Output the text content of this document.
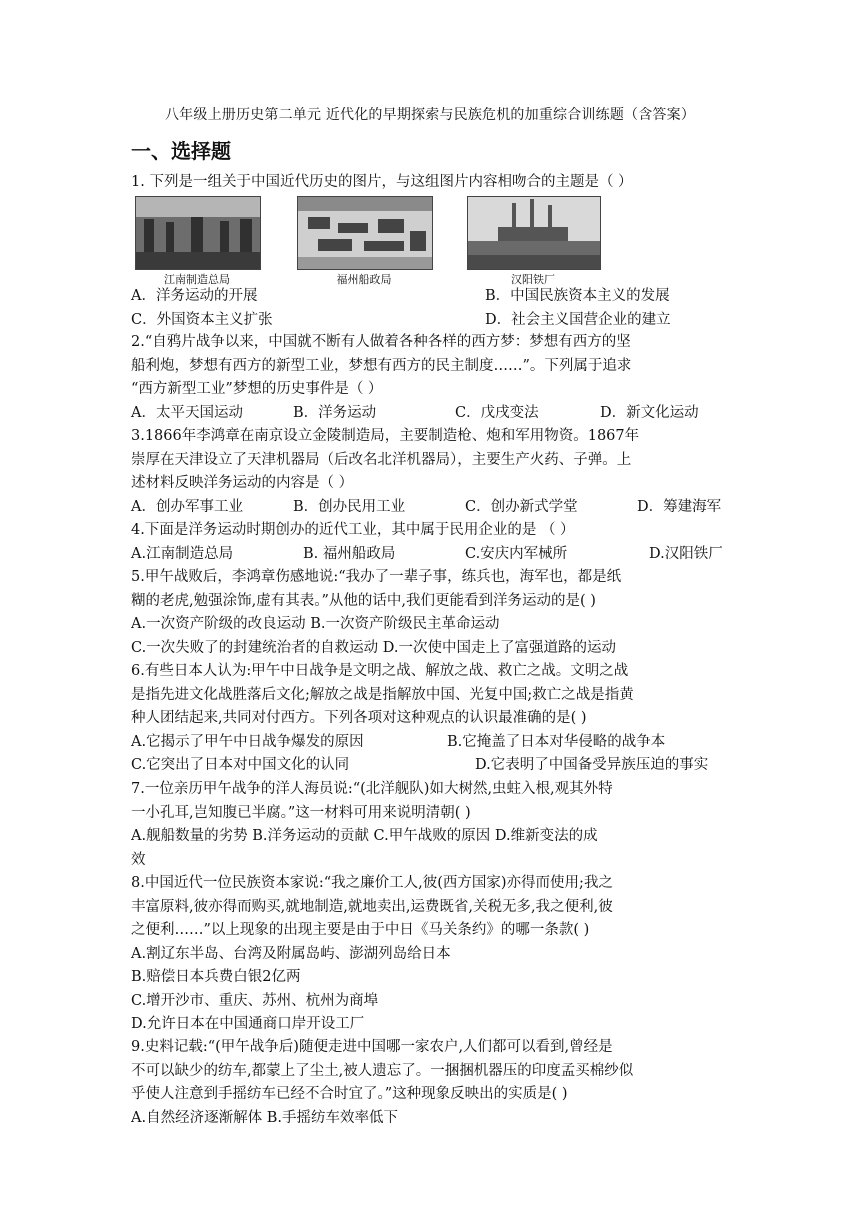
八年级上册历史第二单元 近代化的早期探索与民族危机的加重综合训练题（含答案）
一、选择题
1. 下列是一组关于中国近代历史的图片，与这组图片内容相吻合的主题是（ ）
江南制造总局	福州船政局	汉阳铁厂
A．洋务运动的开展	B．中国民族资本主义的发展
C．外国资本主义扩张	D．社会主义国营企业的建立
2.“自鸦片战争以来，中国就不断有人做着各种各样的西方梦：梦想有西方的坚
船利炮，梦想有西方的新型工业，梦想有西方的民主制度……”。下列属于追求
“西方新型工业”梦想的历史事件是（ ）
A．太平天国运动	B．洋务运动	C．戊戌变法	D．新文化运动
3.1866年李鸿章在南京设立金陵制造局，主要制造枪、炮和军用物资。1867年
崇厚在天津设立了天津机器局（后改名北洋机器局），主要生产火药、子弹。上
述材料反映洋务运动的内容是（ ）
A．创办军事工业	B．创办民用工业	C．创办新式学堂	D．筹建海军
4.下面是洋务运动时期创办的近代工业，其中属于民用企业的是 （ ）
A.江南制造总局	B. 福州船政局	C.安庆内军械所	D.汉阳铁厂
5.甲午战败后，李鸿章伤感地说:“我办了一辈子事，练兵也，海军也，都是纸
糊的老虎,勉强涂饰,虚有其表。”从他的话中,我们更能看到洋务运动的是( )
A.一次资产阶级的改良运动 B.一次资产阶级民主革命运动
C.一次失败了的封建统治者的自救运动 D.一次使中国走上了富强道路的运动
6.有些日本人认为:甲午中日战争是文明之战、解放之战、救亡之战。文明之战
是指先进文化战胜落后文化;解放之战是指解放中国、光复中国;救亡之战是指黄
种人团结起来,共同对付西方。下列各项对这种观点的认识最准确的是( )
A.它揭示了甲午中日战争爆发的原因	B.它掩盖了日本对华侵略的战争本
C.它突出了日本对中国文化的认同	D.它表明了中国备受异族压迫的事实
7.一位亲历甲午战争的洋人海员说:“(北洋舰队)如大树然,虫蛀入根,观其外特
一小孔耳,岂知腹已半腐。”这一材料可用来说明清朝( )
A.舰船数量的劣势 B.洋务运动的贡献 C.甲午战败的原因 D.维新变法的成
效
8.中国近代一位民族资本家说:“我之廉价工人,彼(西方国家)亦得而使用;我之
丰富原料,彼亦得而购买,就地制造,就地卖出,运费既省,关税无多,我之便利,彼
之便利……”以上现象的出现主要是由于中日《马关条约》的哪一条款( )
A.割辽东半岛、台湾及附属岛屿、澎湖列岛给日本
B.赔偿日本兵费白银2亿两
C.增开沙市、重庆、苏州、杭州为商埠
D.允许日本在中国通商口岸开设工厂
9.史料记载:“(甲午战争后)随便走进中国哪一家农户,人们都可以看到,曾经是
不可以缺少的纺车,都蒙上了尘土,被人遗忘了。一捆捆机器压的印度孟买棉纱似
乎使人注意到手摇纺车已经不合时宜了。”这种现象反映出的实质是( )
A.自然经济逐渐解体 B.手摇纺车效率低下
